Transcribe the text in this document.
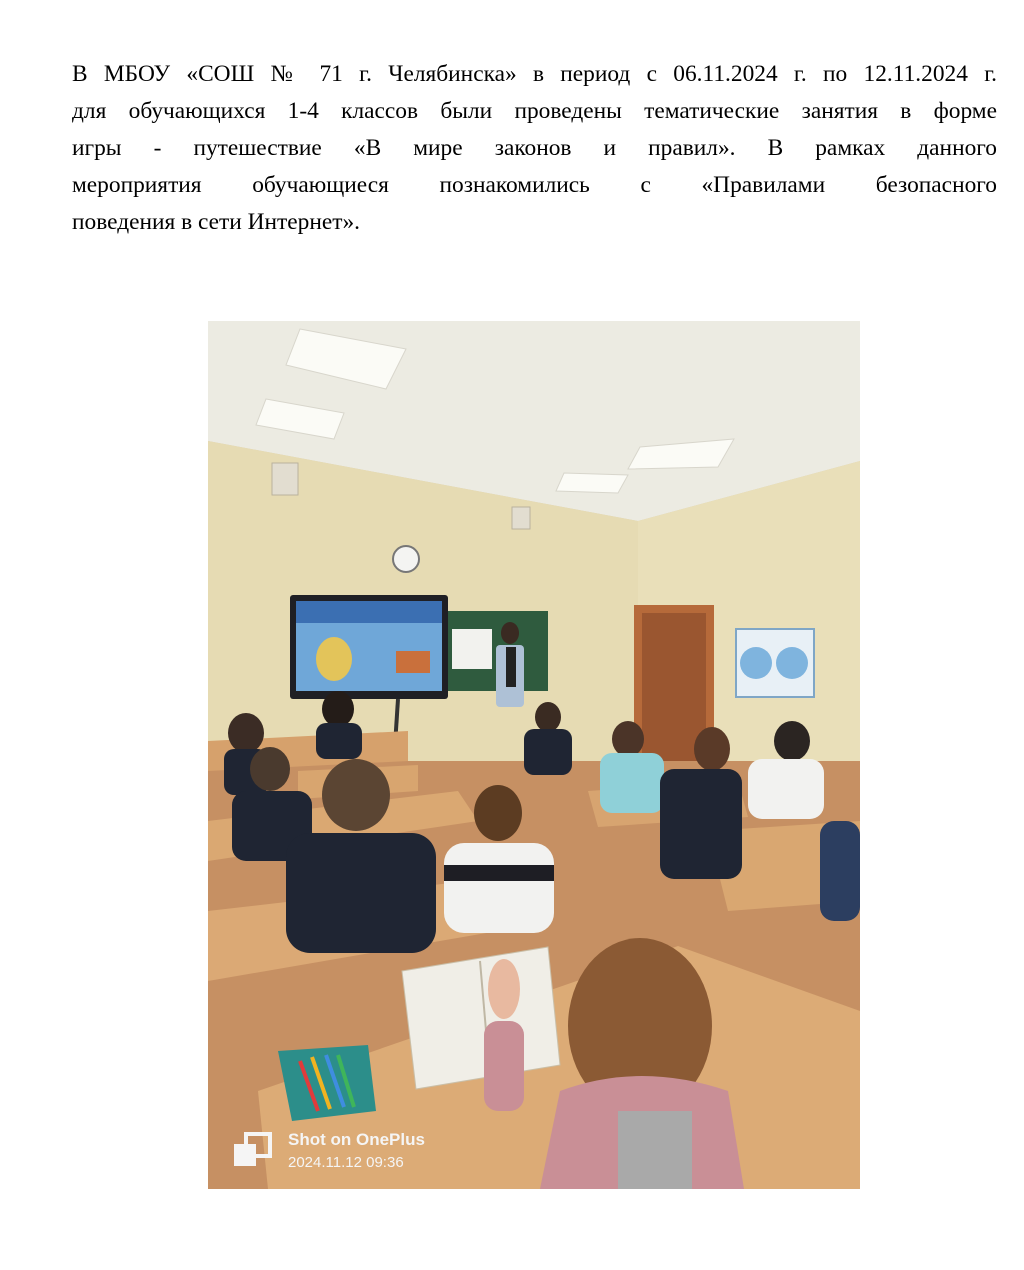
В МБОУ «СОШ № 71 г. Челябинска» в период с 06.11.2024 г. по 12.11.2024 г.
для обучающихся 1-4 классов были проведены тематические занятия в форме
игры - путешествие «В мире законов и правил». В рамках данного
мероприятия обучающиеся познакомились с «Правилами безопасного
поведения в сети Интернет».
Shot on OnePlus
2024.11.12 09:36
